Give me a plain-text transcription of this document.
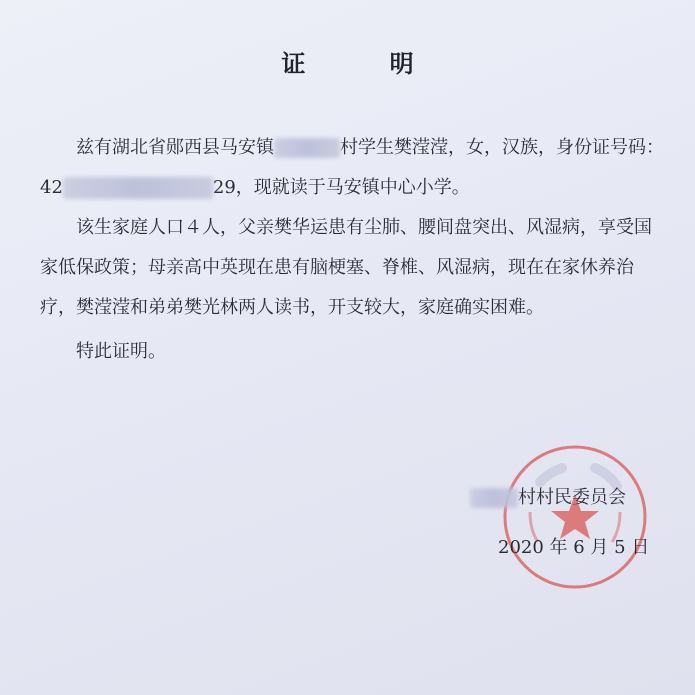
证 明

兹有湖北省郧西县马安镇	村学生樊滢滢，女，汉族，身份证号码：42	29，现就读于马安镇中心小学。

该生家庭人口４人，父亲樊华运患有尘肺、腰间盘突出、风湿病，享受国家低保政策；母亲高中英现在患有脑梗塞、脊椎、风湿病，现在在家休养治疗，樊滢滢和弟弟樊光林两人读书，开支较大，家庭确实困难。

特此证明。

村村民委员会
2020 年 6 月 5 日
